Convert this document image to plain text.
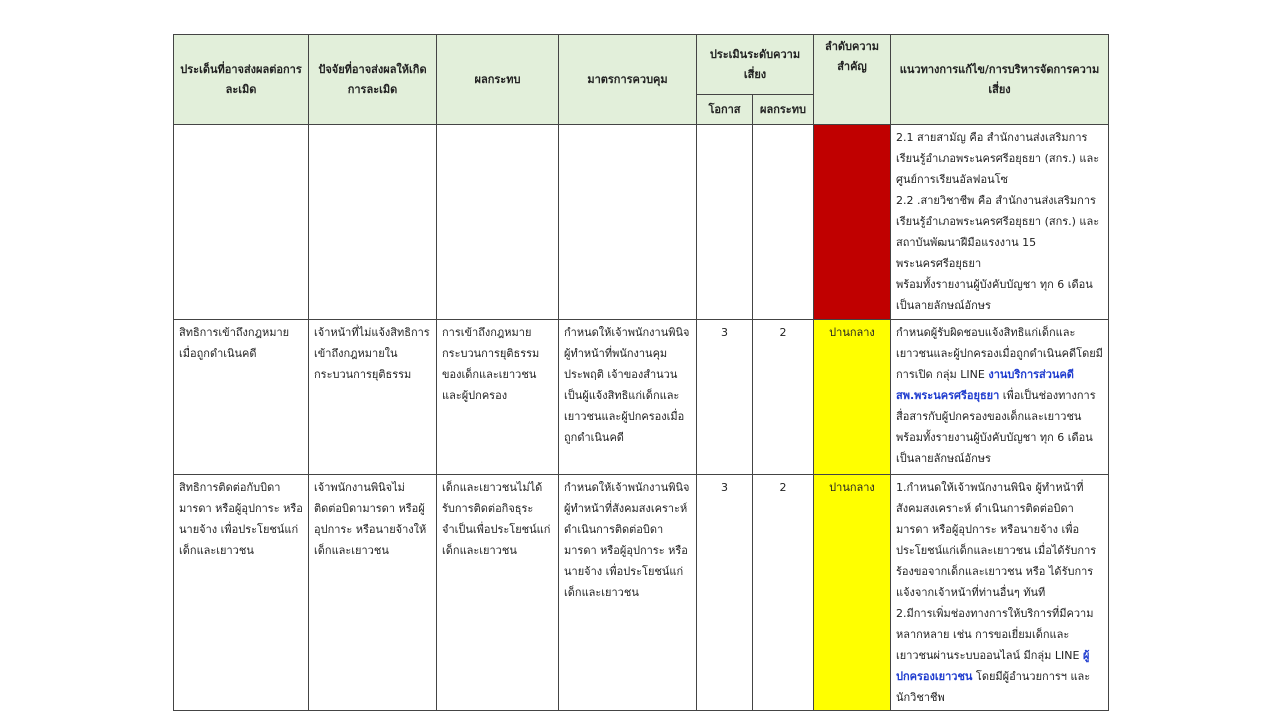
ประเด็นที่อาจส่งผลต่อการละเมิด	ปัจจัยที่อาจส่งผลให้เกิดการละเมิด	ผลกระทบ	มาตรการควบคุม	ประเมินระดับความเสี่ยง		ลำดับความสำคัญ	แนวทางการแก้ไข/การบริหารจัดการความเสี่ยง
				โอกาส	ผลกระทบ		

							2.1 สายสามัญ คือ สำนักงานส่งเสริมการเรียนรู้อำเภอพระนครศรีอยุธยา (สกร.) และ ศูนย์การเรียนอัลฟอนโซ
2.2 .สายวิชาชีพ คือ สำนักงานส่งเสริมการเรียนรู้อำเภอพระนครศรีอยุธยา (สกร.) และ สถาบันพัฒนาฝีมือแรงงาน 15 พระนครศรีอยุธยา
พร้อมทั้งรายงานผู้บังคับบัญชา ทุก 6 เดือนเป็นลายลักษณ์อักษร

สิทธิการเข้าถึงกฎหมายเมื่อถูกดำเนินคดี	เจ้าหน้าที่ไม่แจ้งสิทธิการเข้าถึงกฎหมายในกระบวนการยุติธรรม	การเข้าถึงกฎหมายกระบวนการยุติธรรมของเด็กและเยาวชนและผู้ปกครอง	กำหนดให้เจ้าพนักงานพินิจ ผู้ทำหน้าที่พนักงานคุมประพฤติ เจ้าของสำนวนเป็นผู้แจ้งสิทธิแก่เด็กและเยาวชนและผู้ปกครองเมื่อถูกดำเนินคดี	3	2	ปานกลาง	กำหนดผู้รับผิดชอบแจ้งสิทธิแก่เด็กและเยาวชนและผู้ปกครองเมื่อถูกดำเนินคดีโดยมีการเปิด กลุ่ม LINE งานบริการส่วนคดี สพ.พระนครศรีอยุธยา เพื่อเป็นช่องทางการสื่อสารกับผู้ปกครองของเด็กและเยาวชน พร้อมทั้งรายงานผู้บังคับบัญชา ทุก 6 เดือนเป็นลายลักษณ์อักษร
สิทธิการติดต่อกับบิดามารดา หรือผู้อุปการะ หรือนายจ้าง เพื่อประโยชน์แก่เด็กและเยาวชน	เจ้าพนักงานพินิจไม่ติดต่อบิดามารดา หรือผู้อุปการะ หรือนายจ้างให้เด็กและเยาวชน	เด็กและเยาวชนไม่ได้รับการติดต่อกิจธุระจำเป็นเพื่อประโยชน์แก่เด็กและเยาวชน	กำหนดให้เจ้าพนักงานพินิจ ผู้ทำหน้าที่สังคมสงเคราะห์ ดำเนินการติดต่อบิดามารดา หรือผู้อุปการะ หรือนายจ้าง เพื่อประโยชน์แก่เด็กและเยาวชน	3	2	ปานกลาง	1.กำหนดให้เจ้าพนักงานพินิจ ผู้ทำหน้าที่สังคมสงเคราะห์ ดำเนินการติดต่อบิดามารดา หรือผู้อุปการะ หรือนายจ้าง เพื่อประโยชน์แก่เด็กและเยาวชน เมื่อได้รับการร้องขอจากเด็กและเยาวชน หรือ ได้รับการแจ้งจากเจ้าหน้าที่ท่านอื่นๆ ทันที
2.มีการเพิ่มช่องทางการให้บริการที่มีความหลากหลาย เช่น การขอเยี่ยมเด็กและเยาวชนผ่านระบบออนไลน์ มีกลุ่ม LINE ผู้ปกครองเยาวชน โดยมีผู้อำนวยการฯ และ นักวิชาชีพ
